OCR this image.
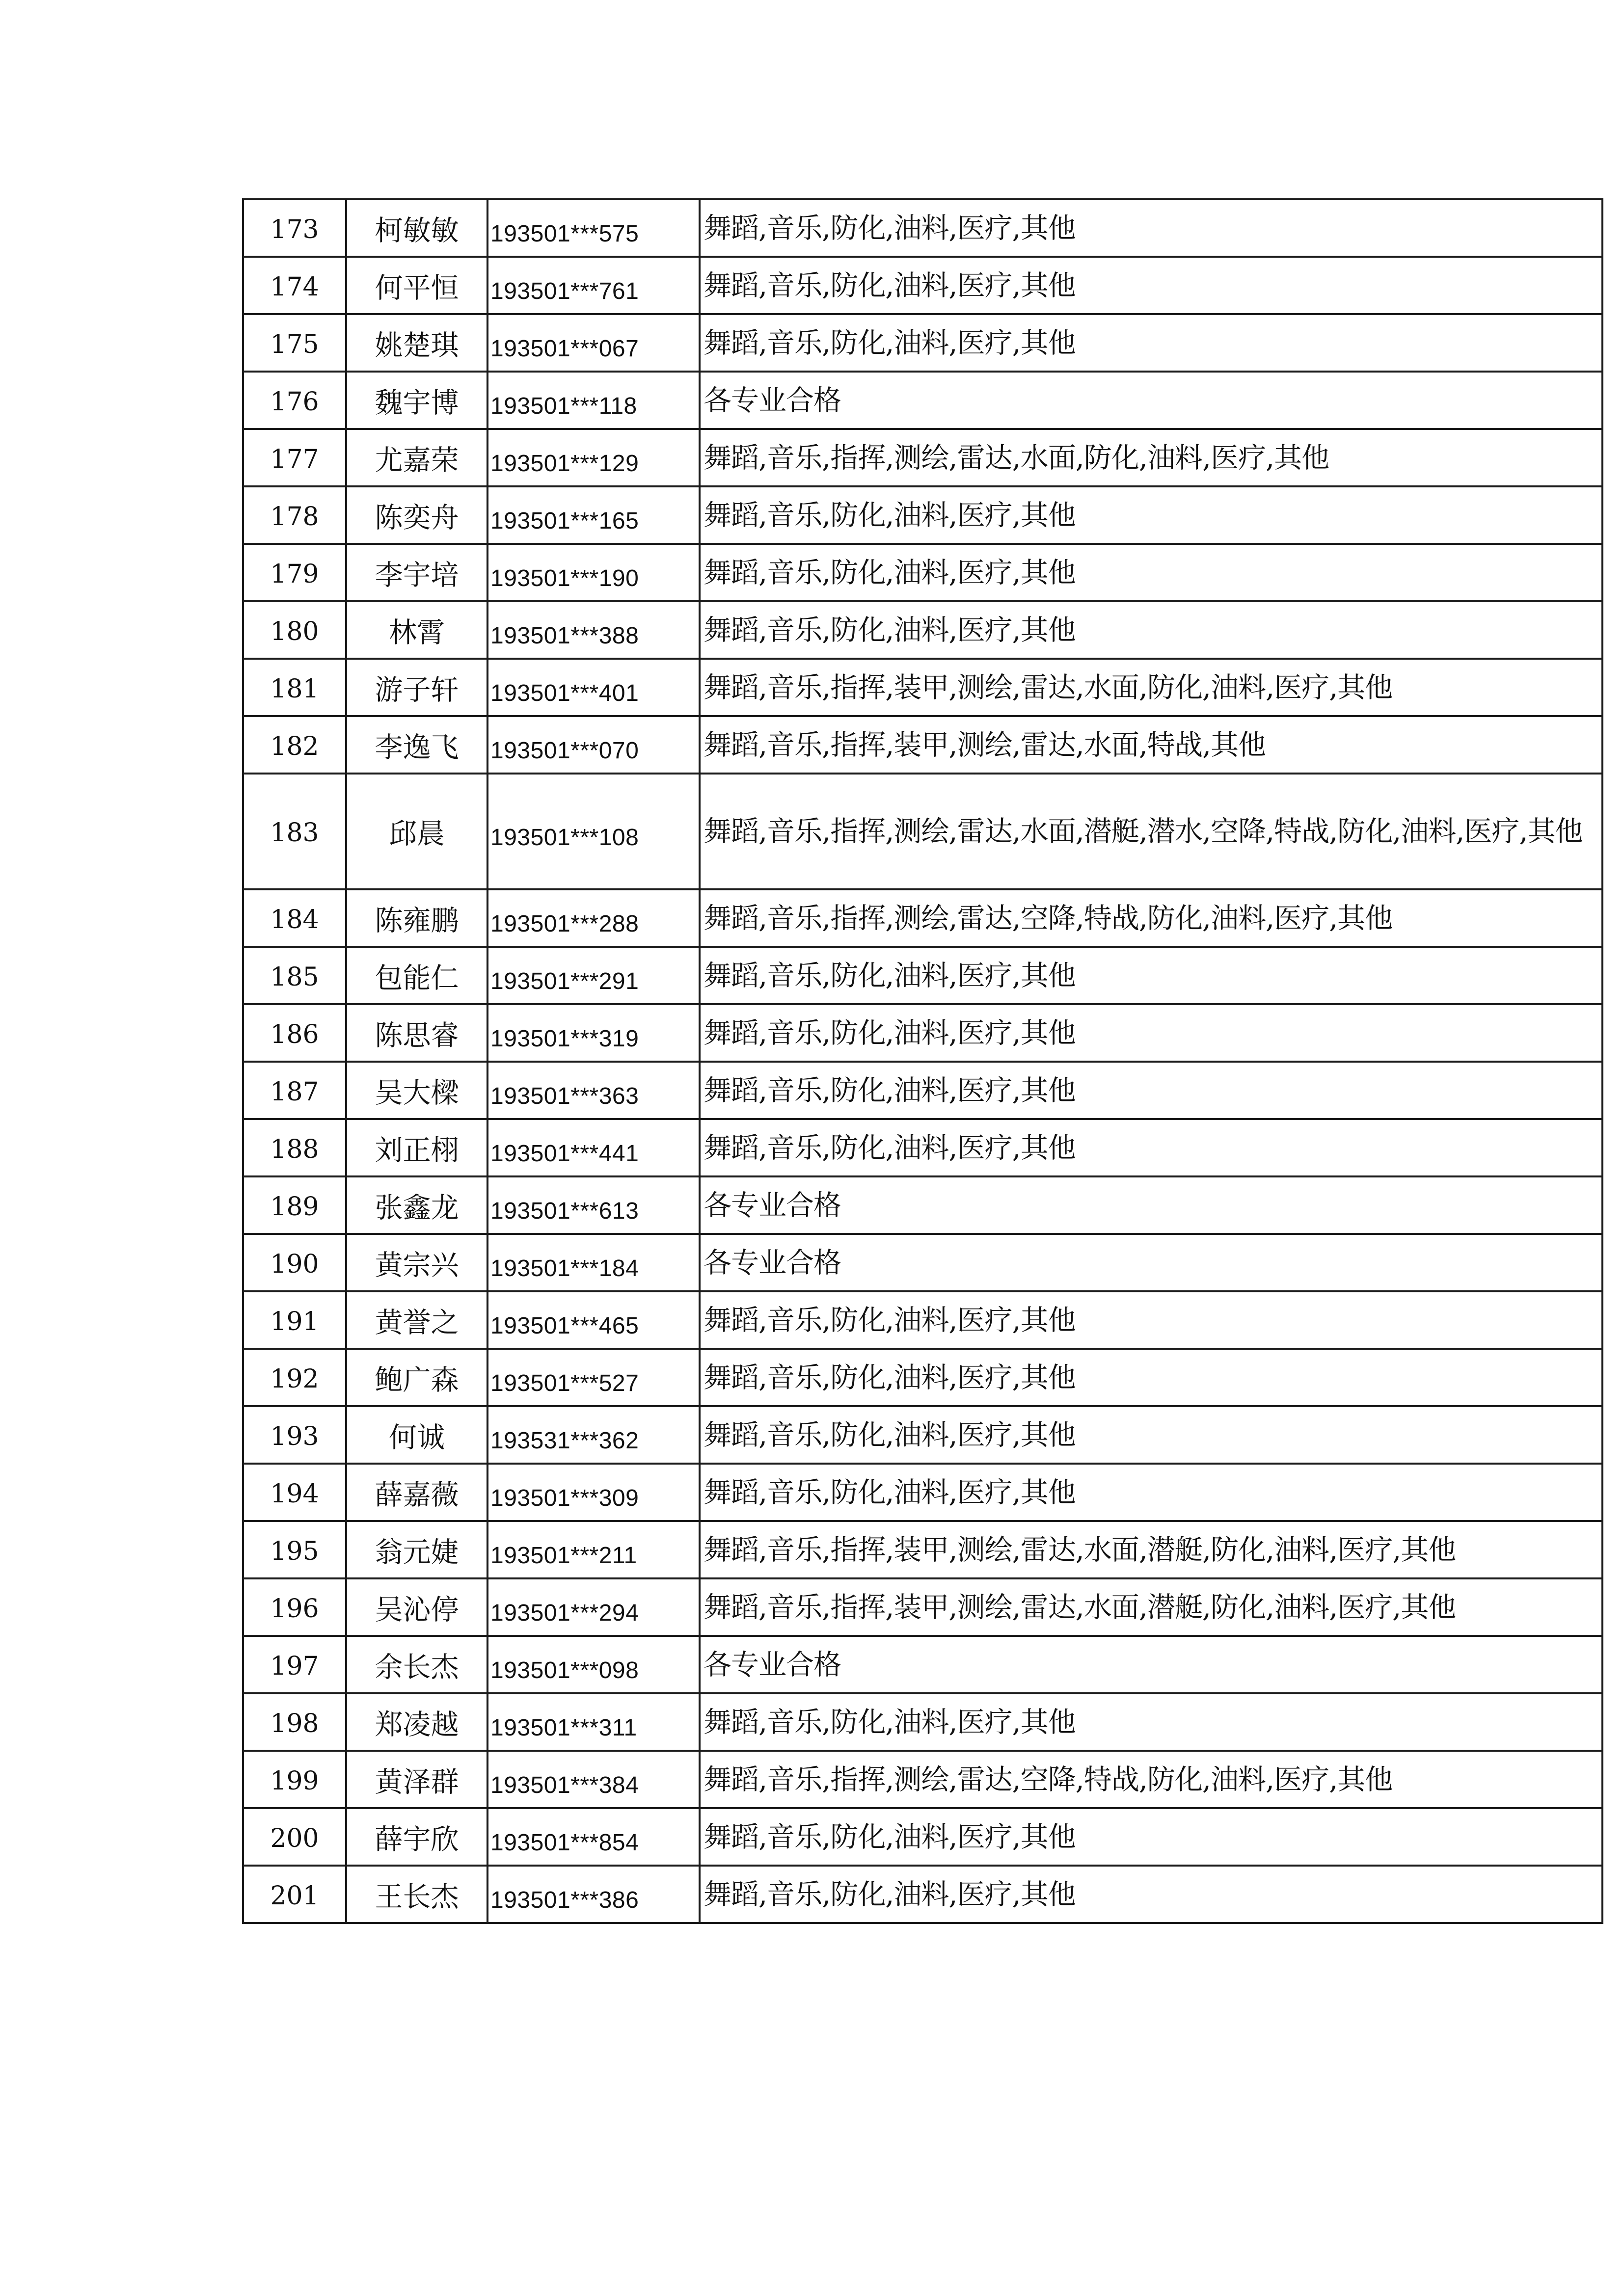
173	柯敏敏	193501***575	舞蹈,音乐,防化,油料,医疗,其他
174	何平恒	193501***761	舞蹈,音乐,防化,油料,医疗,其他
175	姚楚琪	193501***067	舞蹈,音乐,防化,油料,医疗,其他
176	魏宇博	193501***118	各专业合格
177	尤嘉荣	193501***129	舞蹈,音乐,指挥,测绘,雷达,水面,防化,油料,医疗,其他
178	陈奕舟	193501***165	舞蹈,音乐,防化,油料,医疗,其他
179	李宇培	193501***190	舞蹈,音乐,防化,油料,医疗,其他
180	林霄	193501***388	舞蹈,音乐,防化,油料,医疗,其他
181	游子轩	193501***401	舞蹈,音乐,指挥,装甲,测绘,雷达,水面,防化,油料,医疗,其他
182	李逸飞	193501***070	舞蹈,音乐,指挥,装甲,测绘,雷达,水面,特战,其他
183	邱晨	193501***108	舞蹈,音乐,指挥,测绘,雷达,水面,潜艇,潜水,空降,特战,防化,油料,医疗,其他
184	陈雍鹏	193501***288	舞蹈,音乐,指挥,测绘,雷达,空降,特战,防化,油料,医疗,其他
185	包能仁	193501***291	舞蹈,音乐,防化,油料,医疗,其他
186	陈思睿	193501***319	舞蹈,音乐,防化,油料,医疗,其他
187	吴大樑	193501***363	舞蹈,音乐,防化,油料,医疗,其他
188	刘正栩	193501***441	舞蹈,音乐,防化,油料,医疗,其他
189	张鑫龙	193501***613	各专业合格
190	黄宗兴	193501***184	各专业合格
191	黄誉之	193501***465	舞蹈,音乐,防化,油料,医疗,其他
192	鲍广森	193501***527	舞蹈,音乐,防化,油料,医疗,其他
193	何诚	193531***362	舞蹈,音乐,防化,油料,医疗,其他
194	薛嘉薇	193501***309	舞蹈,音乐,防化,油料,医疗,其他
195	翁元婕	193501***211	舞蹈,音乐,指挥,装甲,测绘,雷达,水面,潜艇,防化,油料,医疗,其他
196	吴沁停	193501***294	舞蹈,音乐,指挥,装甲,测绘,雷达,水面,潜艇,防化,油料,医疗,其他
197	余长杰	193501***098	各专业合格
198	郑凌越	193501***311	舞蹈,音乐,防化,油料,医疗,其他
199	黄泽群	193501***384	舞蹈,音乐,指挥,测绘,雷达,空降,特战,防化,油料,医疗,其他
200	薛宇欣	193501***854	舞蹈,音乐,防化,油料,医疗,其他
201	王长杰	193501***386	舞蹈,音乐,防化,油料,医疗,其他
